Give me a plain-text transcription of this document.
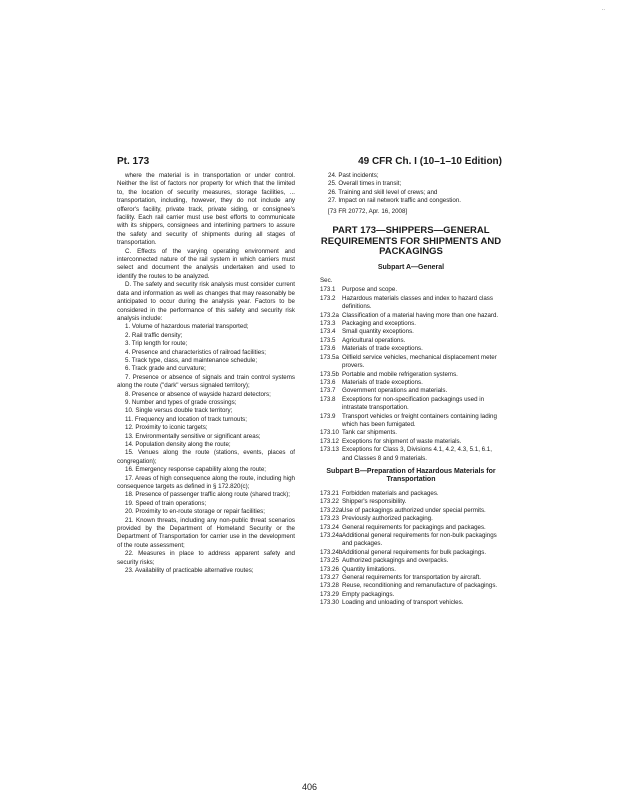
..
Pt. 173	49 CFR Ch. I (10–1–10 Edition)

where the material is in transportation or under control. Neither the list of factors nor property for which that the limited to, the location of security measures, storage facilities, ... transportation, including, however, they do not include any offeror's facility, private track, private siding, or consignee's facility. Each rail carrier must use best efforts to communicate with its shippers, consignees and interlining partners to assure the safety and security of shipments during all stages of transportation.

C. Effects of the varying operating environment and interconnected nature of the rail system in which carriers must select and document the analysis undertaken and used to identify the routes to be analyzed.

D. The safety and security risk analysis must consider current data and information as well as changes that may reasonably be anticipated to occur during the analysis year. Factors to be considered in the performance of this safety and security risk analysis include:

1. Volume of hazardous material transported;

2. Rail traffic density;

3. Trip length for route;

4. Presence and characteristics of railroad facilities;

5. Track type, class, and maintenance schedule;

6. Track grade and curvature;

7. Presence or absence of signals and train control systems along the route ("dark" versus signaled territory);

8. Presence or absence of wayside hazard detectors;

9. Number and types of grade crossings;

10. Single versus double track territory;

11. Frequency and location of track turnouts;

12. Proximity to iconic targets;

13. Environmentally sensitive or significant areas;

14. Population density along the route;

15. Venues along the route (stations, events, places of congregation);

16. Emergency response capability along the route;

17. Areas of high consequence along the route, including high consequence targets as defined in § 172.820(c);

18. Presence of passenger traffic along route (shared track);

19. Speed of train operations;

20. Proximity to en-route storage or repair facilities;

21. Known threats, including any non-public threat scenarios provided by the Department of Homeland Security or the Department of Transportation for carrier use in the development of the route assessment;

22. Measures in place to address apparent safety and security risks;

23. Availability of practicable alternative routes;

24. Past incidents;

25. Overall times in transit;

26. Training and skill level of crews; and

27. Impact on rail network traffic and congestion.

[73 FR 20772, Apr. 16, 2008]

PART 173—SHIPPERS—GENERAL REQUIREMENTS FOR SHIPMENTS AND PACKAGINGS
Subpart A—General
Sec.
173.1	Purpose and scope.
173.2	Hazardous materials classes and index to hazard class definitions.
173.2a Classification of a material having more than one hazard.
173.3	Packaging and exceptions.
173.4	Small quantity exceptions.
173.5	Agricultural operations.
173.6	Materials of trade exceptions.
173.5a Oilfield service vehicles, mechanical displacement meter provers.
173.5b Portable and mobile refrigeration systems.
173.6	Materials of trade exceptions.
173.7	Government operations and materials.
173.8	Exceptions for non-specification packagings used in intrastate transportation.
173.9	Transport vehicles or freight containers containing lading which has been fumigated.
173.10 Tank car shipments.
173.12 Exceptions for shipment of waste materials.
173.13 Exceptions for Class 3, Divisions 4.1, 4.2, 4.3, 5.1, 6.1, and Classes 8 and 9 materials.
Subpart B—Preparation of Hazardous Materials for Transportation
173.21 Forbidden materials and packages.
173.22 Shipper's responsibility.
173.22a Use of packagings authorized under special permits.
173.23 Previously authorized packaging.
173.24 General requirements for packagings and packages.
173.24a Additional general requirements for non-bulk packagings and packages.
173.24b Additional general requirements for bulk packagings.
173.25 Authorized packagings and overpacks.
173.26 Quantity limitations.
173.27 General requirements for transportation by aircraft.
173.28 Reuse, reconditioning and remanufacture of packagings.
173.29 Empty packagings.
173.30 Loading and unloading of transport vehicles.
406
